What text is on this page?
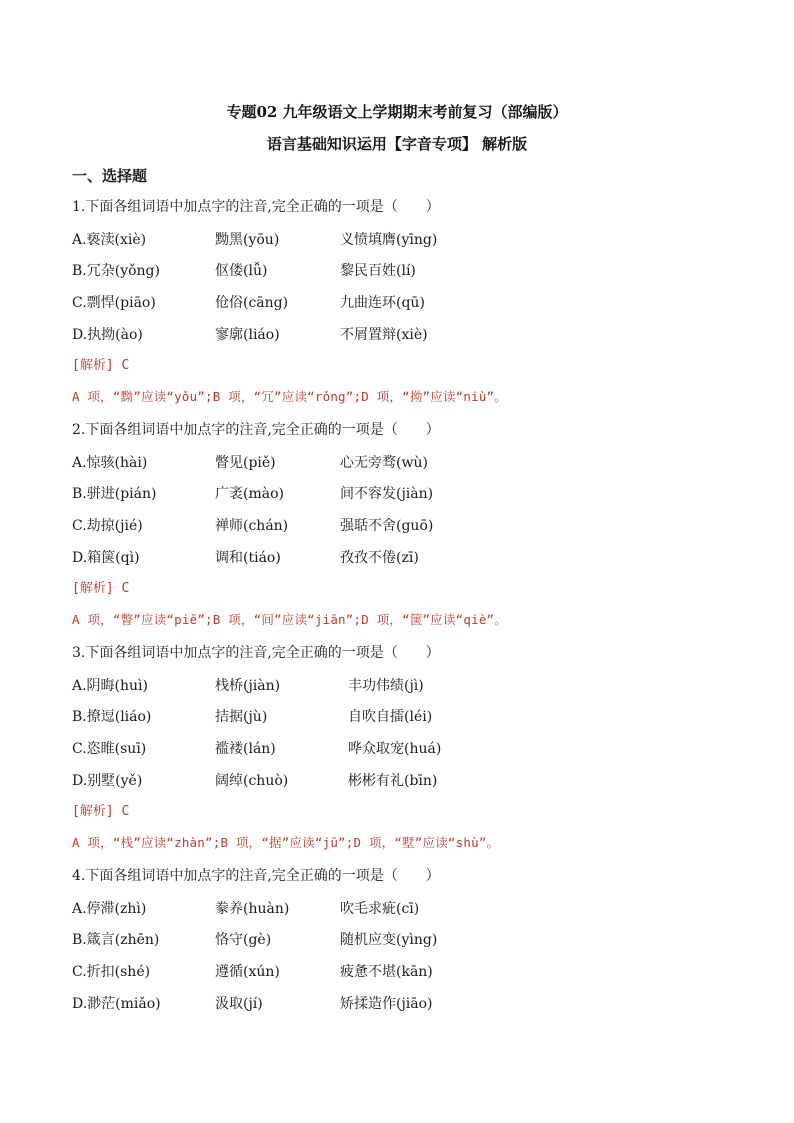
专题02 九年级语文上学期期末考前复习（部编版）
语言基础知识运用【字音专项】 解析版
一、选择题
1.下面各组词语中加点字的注音,完全正确的一项是（　　）
A.亵渎(xiè)	黝黑(yōu)	义愤填膺(yīng)
B.冗杂(yǒng)	伛偻(lǚ)	黎民百姓(lí)
C.剽悍(piāo)	伧俗(cāng)	九曲连环(qū)
D.执拗(ào)	寥廓(liáo)	不屑置辩(xiè)
[解析] C
A 项，“黝”应读“yǒu”;B 项，“冗”应读“rǒng”;D 项，“拗”应读“niù”。
2.下面各组词语中加点字的注音,完全正确的一项是（　　）
A.惊骇(hài)	瞥见(piě)	心无旁骛(wù)
B.骈进(pián)	广袤(mào)	间不容发(jiàn)
C.劫掠(jié)	禅师(chán)	强聒不舍(guō)
D.箱箧(qì)	调和(tiáo)	孜孜不倦(zī)
[解析] C
A 项，“瞥”应读“piē”;B 项，“间”应读“jiān”;D 项，“箧”应读“qiè”。
3.下面各组词语中加点字的注音,完全正确的一项是（　　）
A.阴晦(huì)	栈桥(jiàn)	丰功伟绩(jì)
B.撩逗(liáo)	拮据(jù)	自吹自擂(léi)
C.恣睢(suī)	褴褛(lán)	哗众取宠(huá)
D.别墅(yě)	阔绰(chuò)	彬彬有礼(bīn)
[解析] C
A 项，“栈”应读“zhàn”;B 项，“据”应读“jū”;D 项，“墅”应读“shù”。
4.下面各组词语中加点字的注音,完全正确的一项是（　　）
A.停滞(zhì)	豢养(huàn)	吹毛求疵(cī)
B.箴言(zhēn)	恪守(gè)	随机应变(yìng)
C.折扣(shé)	遵循(xún)	疲惫不堪(kān)
D.渺茫(miǎo)	汲取(jí)	矫揉造作(jiāo)
